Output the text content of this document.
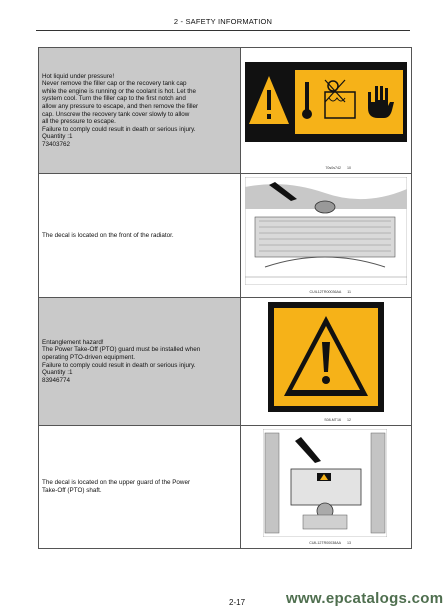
2 - SAFETY INFORMATION
Hot liquid under pressure!
Never remove the filler cap or the recovery tank cap
while the engine is running or the coolant is hot. Let the
system cool. Turn the filler cap to the first notch and
allow any pressure to escape, and then remove the filler
cap. Unscrew the recovery tank cover slowly to allow
all the pressure to escape.
Failure to comply could result in death or serious injury.
Quantity :1
73403762
70s0s742 10
The decal is located on the front of the radiator.
CUIL12TR00036AA 11
Entanglement hazard!
The Power Take-Off (PTO) guard must be installed when
operating PTO-driven equipment.
Failure to comply could result in death or serious injury.
Quantity :1
83946774
S08-MT16 12
The decal is located on the upper guard of the Power
Take-Off (PTO) shaft.
CUIL12TR00038AA 13
2-17	www.epcatalogs.com
